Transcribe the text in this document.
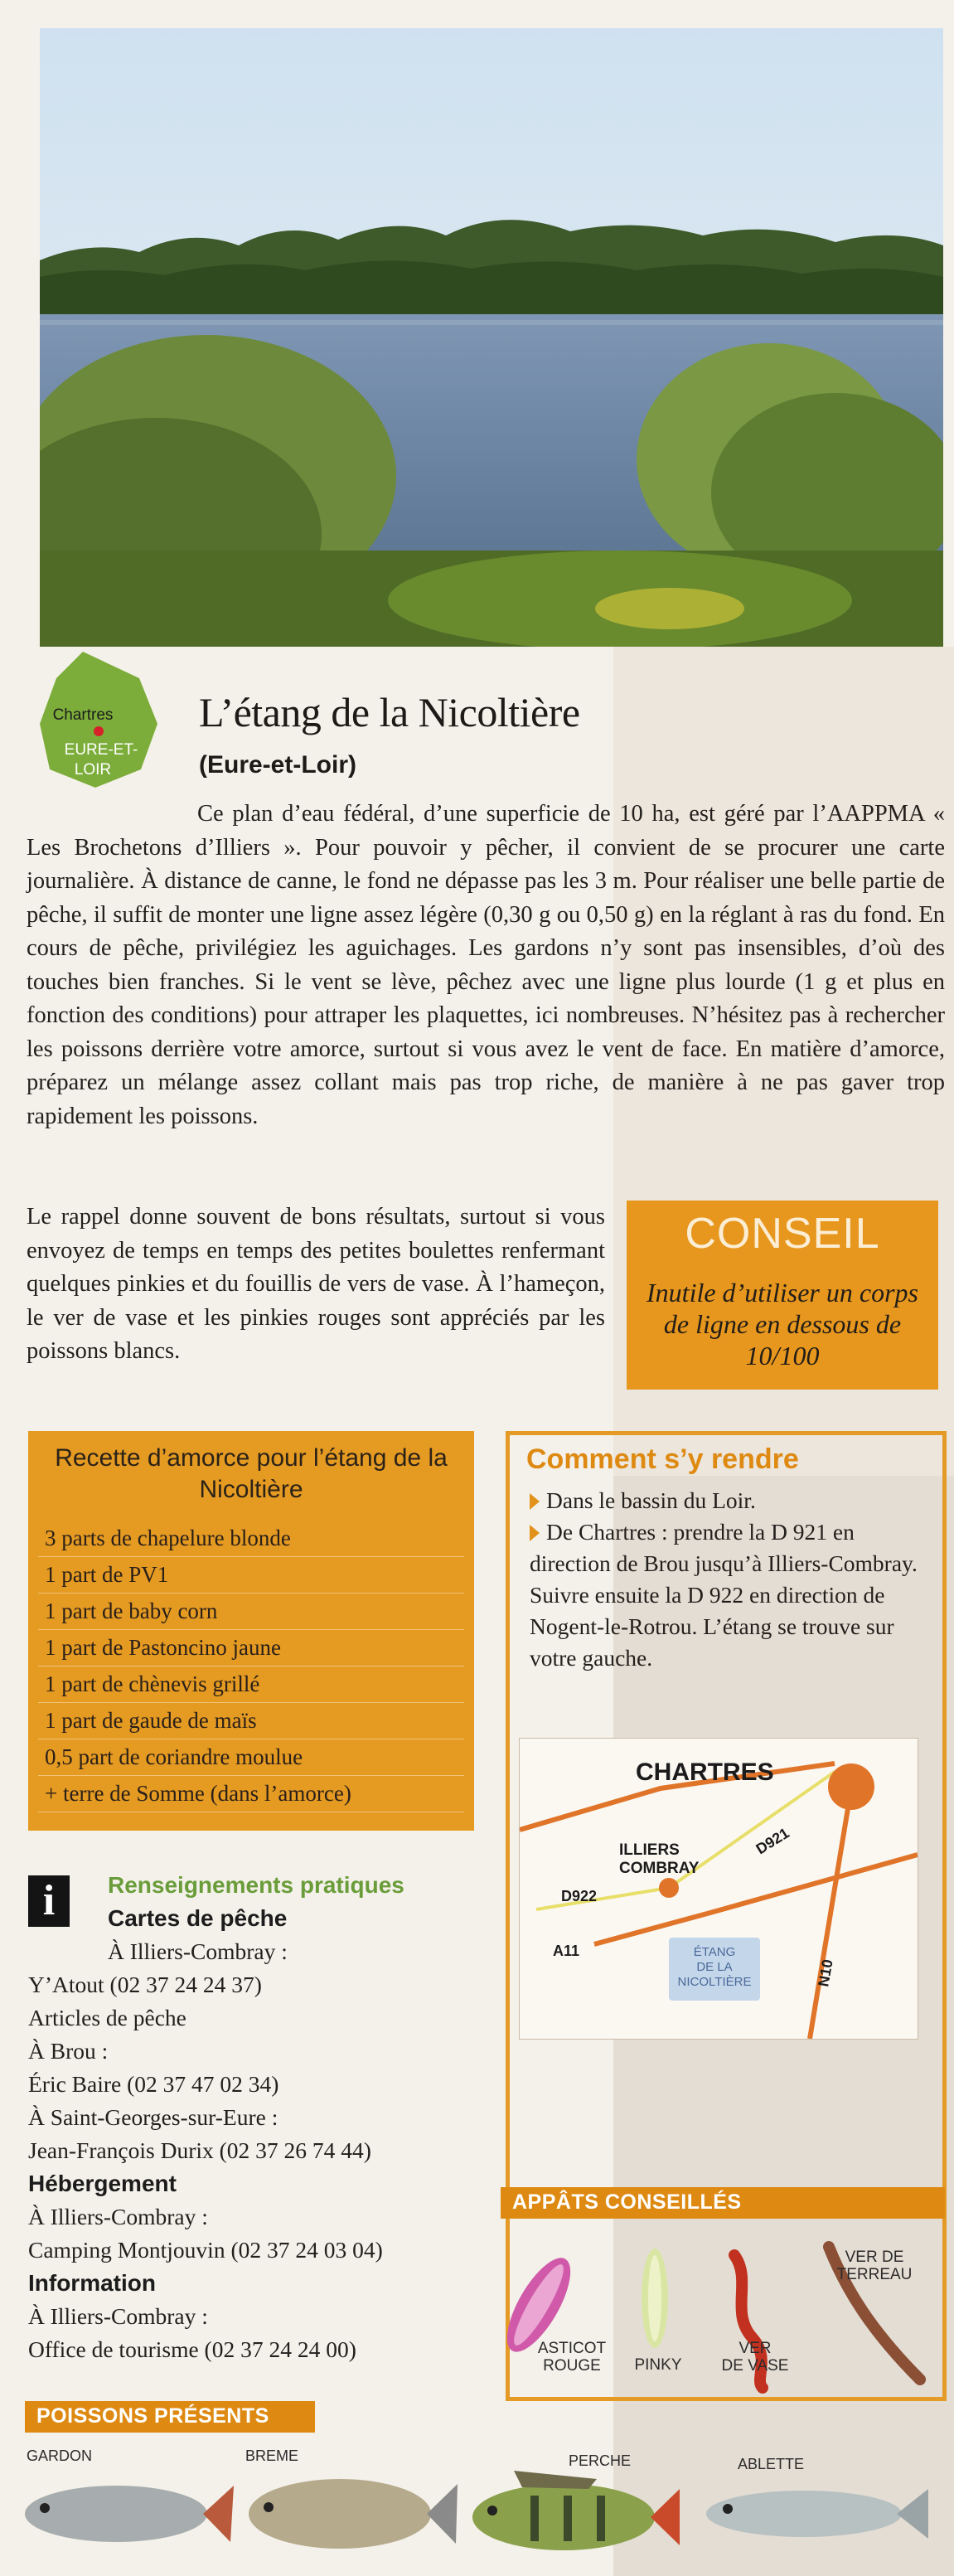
Chartres
EURE-ET-
LOIR
L’étang de la Nicoltière
(Eure-et-Loir)

Ce plan d’eau fédéral, d’une superficie de 10 ha, est géré par l’AAPPMA « Les Brochetons d’Illiers ». Pour pouvoir y pêcher, il convient de se procurer une carte journalière. À distance de canne, le fond ne dépasse pas les 3 m. Pour réaliser une belle partie de pêche, il suffit de monter une ligne assez légère (0,30 g ou 0,50 g) en la réglant à ras du fond. En cours de pêche, privilégiez les aguichages. Les gardons n’y sont pas insensibles, d’où des touches bien franches. Si le vent se lève, pêchez avec une ligne plus lourde (1 g et plus en fonction des conditions) pour attraper les plaquettes, ici nombreuses. N’hésitez pas à rechercher les poissons derrière votre amorce, surtout si vous avez le vent de face. En matière d’amorce, préparez un mélange assez collant mais pas trop riche, de manière à ne pas gaver trop rapidement les poissons.

Le rappel donne souvent de bons résultats, surtout si vous envoyez de temps en temps des petites boulettes renfermant quelques pinkies et du fouillis de vers de vase. À l’hameçon, le ver de vase et les pinkies rouges sont appréciés par les poissons blancs.

CONSEIL
Inutile d’utiliser un corps de ligne en dessous de 10/100
Recette d’amorce pour l’étang de la Nicoltière
3 parts de chapelure blonde
1 part de PV1
1 part de baby corn
1 part de Pastoncino jaune
1 part de chènevis grillé
1 part de gaude de maïs
0,5 part de coriandre moulue
+ terre de Somme (dans l’amorce)
Comment s’y rendre

Dans le bassin du Loir.

De Chartres : prendre la D 921 en direction de Brou jusqu’à Illiers-Combray. Suivre ensuite la D 922 en direction de Nogent-le-Rotrou. L’étang se trouve sur votre gauche.

CHARTRES
ILLIERS
COMBRAY
D921
D922
A11
N10
ÉTANG
DE LA
NICOLTIÈRE
i	Renseignements pratiques
Cartes de pêche
À Illiers-Combray :
Y’Atout (02 37 24 24 37)
Articles de pêche
À Brou :
Éric Baire (02 37 47 02 34)
À Saint-Georges-sur-Eure :
Jean-François Durix (02 37 26 74 44)
Hébergement
À Illiers-Combray :
Camping Montjouvin (02 37 24 03 04)
Information
À Illiers-Combray :
Office de tourisme (02 37 24 24 00)
APPÂTS CONSEILLÉS
ASTICOT
ROUGE	PINKY
VER
DE VASE
VER DE
TERREAU
POISSONS PRÉSENTS
GARDON	BREME	PERCHE	ABLETTE
